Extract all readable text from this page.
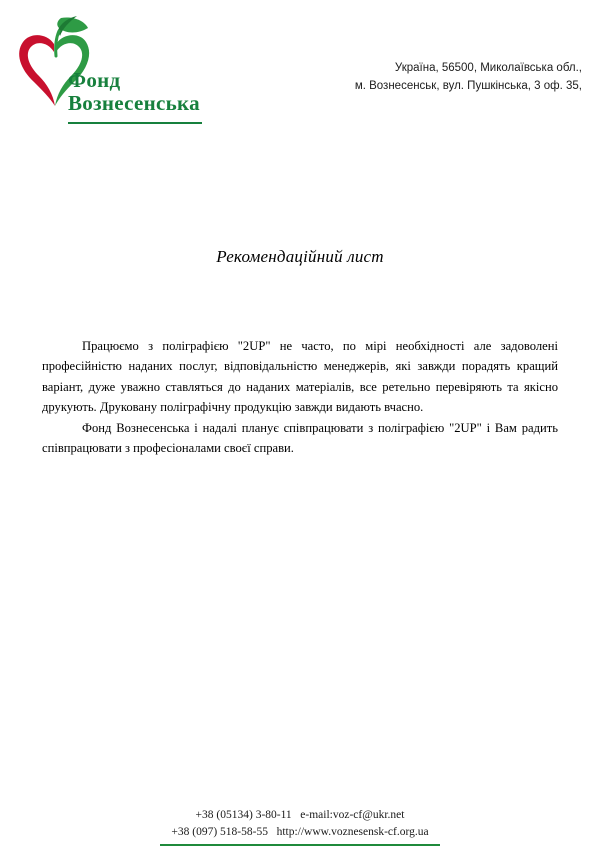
Фонд
Вознесенська
Україна, 56500, Миколаївська обл.,
м. Вознесенськ, вул. Пушкінська, 3 оф. 35,
Рекомендаційний лист

Працюємо з поліграфією "2UP" не часто, по мірі необхідності але задоволені професійністю наданих послуг, відповідальністю менеджерів, які завжди порадять кращий варіант, дуже уважно ставляться до наданих матеріалів, все ретельно перевіряють та якісно друкують. Друковану поліграфічну продукцію завжди видають вчасно.

Фонд Вознесенська і надалі планує співпрацювати з поліграфією "2UP" і Вам радить співпрацювати з професіоналами своєї справи.

+38 (05134) 3-80-11   e-mail:voz-cf@ukr.net
+38 (097) 518-58-55   http://www.voznesensk-cf.org.ua
